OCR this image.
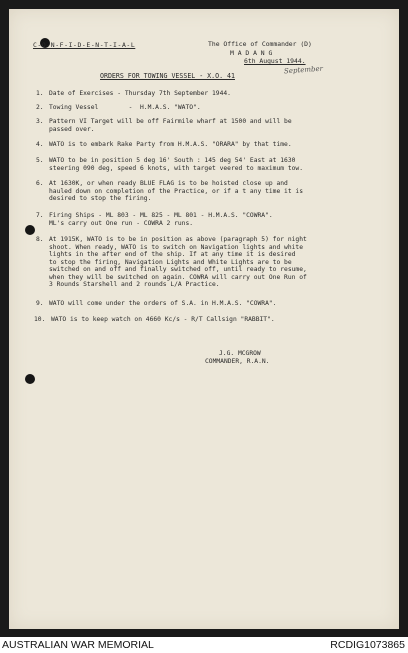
C-O-N-F-I-D-E-N-T-I-A-L	The Office of Commander (D)
M A D A N G
6th August 1944.
September
ORDERS FOR TOWING VESSEL - X.O. 41
1. Date of Exercises - Thursday 7th September 1944.
2. Towing Vessel        -  H.M.A.S. "WATO".
3. Pattern VI Target will be off Fairmile wharf at 1500 and will be
passed over.
4. WATO is to embark Rake Party from H.M.A.S. "ORARA" by that time.
5. WATO to be in position 5 deg 16' South : 145 deg 54' East at 1630
steering 090 deg, speed 6 knots, with target veered to maximum tow.
6. At 1630K, or when ready BLUE FLAG is to be hoisted close up and
hauled down on completion of the Practice, or if a t any time it is
desired to stop the firing.
7. Firing Ships - ML 803 - ML 825 - ML 801 - H.M.A.S. "COWRA".
ML's carry out One run - COWRA 2 runs.
8. At 1915K, WATO is to be in position as above (paragraph 5) for night
shoot. When ready, WATO is to switch on Navigation lights and white
lights in the after end of the ship. If at any time it is desired
to stop the firing, Navigation Lights and White Lights are to be
switched on and off and finally switched off, until ready to resume,
when they will be switched on again. COWRA will carry out One Run of
3 Rounds Starshell and 2 rounds L/A Practice.
9. WATO will come under the orders of S.A. in H.M.A.S. "COWRA".
10. WATO is to keep watch on 4660 Kc/s - R/T Callsign "RABBIT".
J.G. MCGROW
COMMANDER, R.A.N.
AUSTRALIAN WAR MEMORIAL	RCDIG1073865
